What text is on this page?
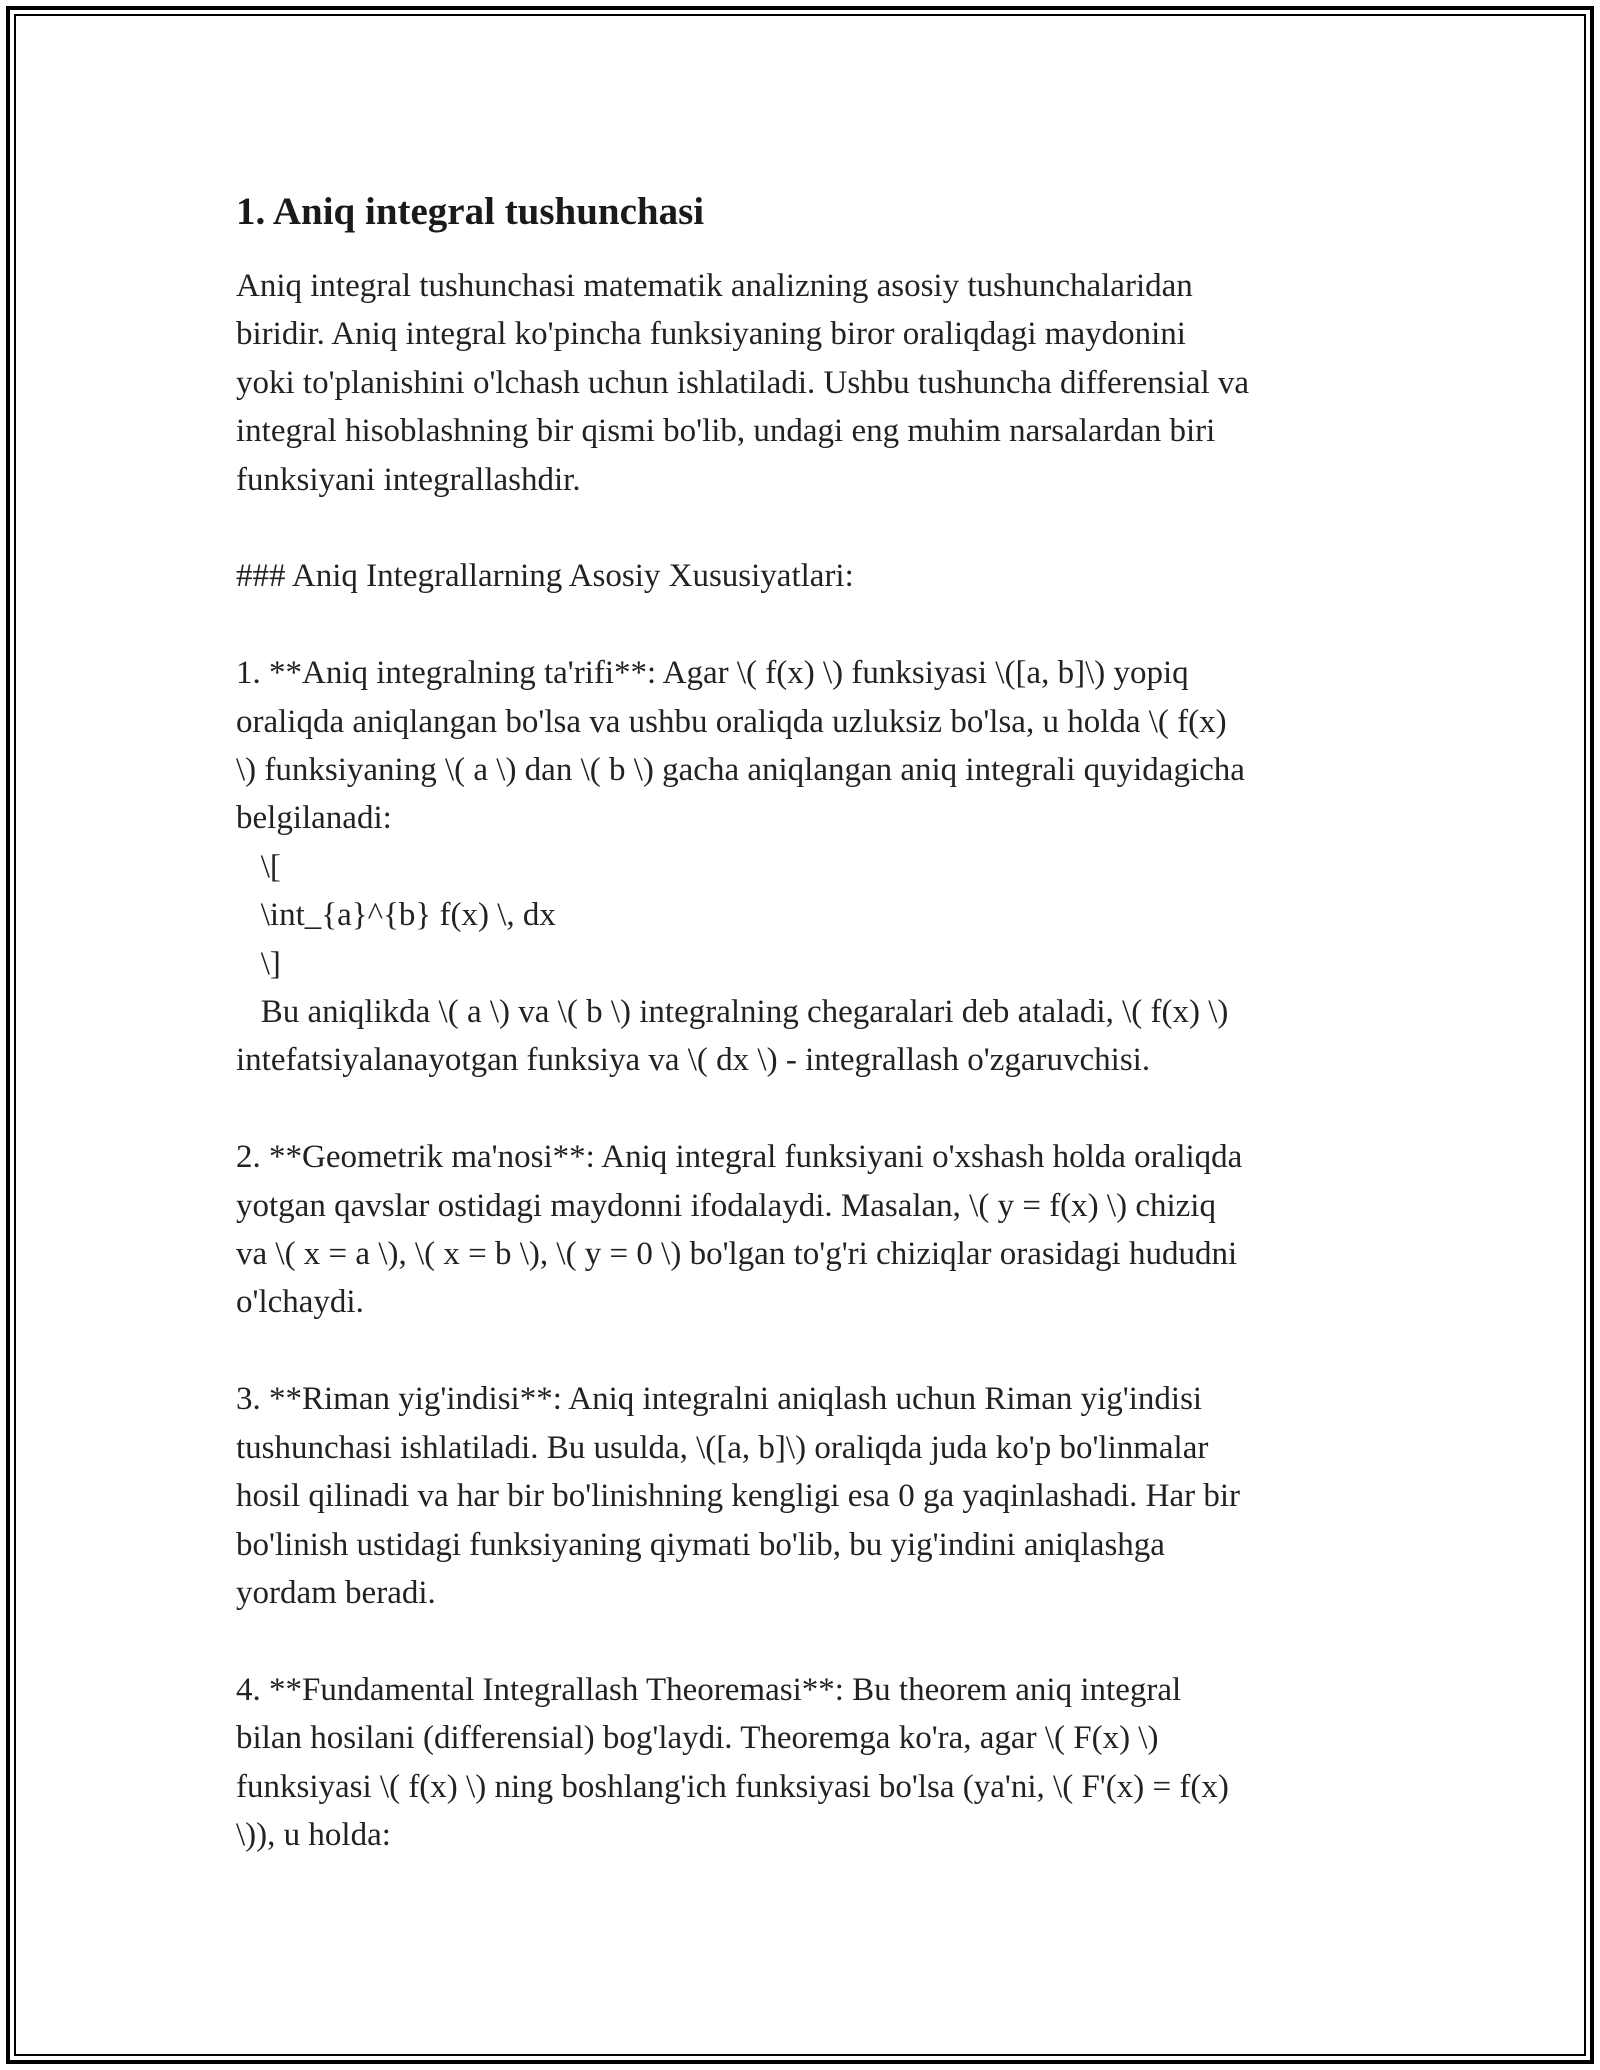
1. Aniq integral tushunchasi

Aniq integral tushunchasi matematik analizning asosiy tushunchalaridan
biridir. Aniq integral ko'pincha funksiyaning biror oraliqdagi maydonini
yoki to'planishini o'lchash uchun ishlatiladi. Ushbu tushuncha differensial va
integral hisoblashning bir qismi bo'lib, undagi eng muhim narsalardan biri
funksiyani integrallashdir.

### Aniq Integrallarning Asosiy Xususiyatlari:

1. **Aniq integralning ta'rifi**: Agar \( f(x) \) funksiyasi \([a, b]\) yopiq
oraliqda aniqlangan bo'lsa va ushbu oraliqda uzluksiz bo'lsa, u holda \( f(x)
\) funksiyaning \( a \) dan \( b \) gacha aniqlangan aniq integrali quyidagicha
belgilanadi:
\[
\int_{a}^{b} f(x) \, dx
\]
Bu aniqlikda \( a \) va \( b \) integralning chegaralari deb ataladi, \( f(x) \)
intefatsiyalanayotgan funksiya va \( dx \) - integrallash o'zgaruvchisi.

2. **Geometrik ma'nosi**: Aniq integral funksiyani o'xshash holda oraliqda
yotgan qavslar ostidagi maydonni ifodalaydi. Masalan, \( y = f(x) \) chiziq
va \( x = a \), \( x = b \), \( y = 0 \) bo'lgan to'g'ri chiziqlar orasidagi hududni
o'lchaydi.

3. **Riman yig'indisi**: Aniq integralni aniqlash uchun Riman yig'indisi
tushunchasi ishlatiladi. Bu usulda, \([a, b]\) oraliqda juda ko'p bo'linmalar
hosil qilinadi va har bir bo'linishning kengligi esa 0 ga yaqinlashadi. Har bir
bo'linish ustidagi funksiyaning qiymati bo'lib, bu yig'indini aniqlashga
yordam beradi.

4. **Fundamental Integrallash Theoremasi**: Bu theorem aniq integral
bilan hosilani (differensial) bog'laydi. Theoremga ko'ra, agar \( F(x) \)
funksiyasi \( f(x) \) ning boshlang'ich funksiyasi bo'lsa (ya'ni, \( F'(x) = f(x)
\)), u holda:
